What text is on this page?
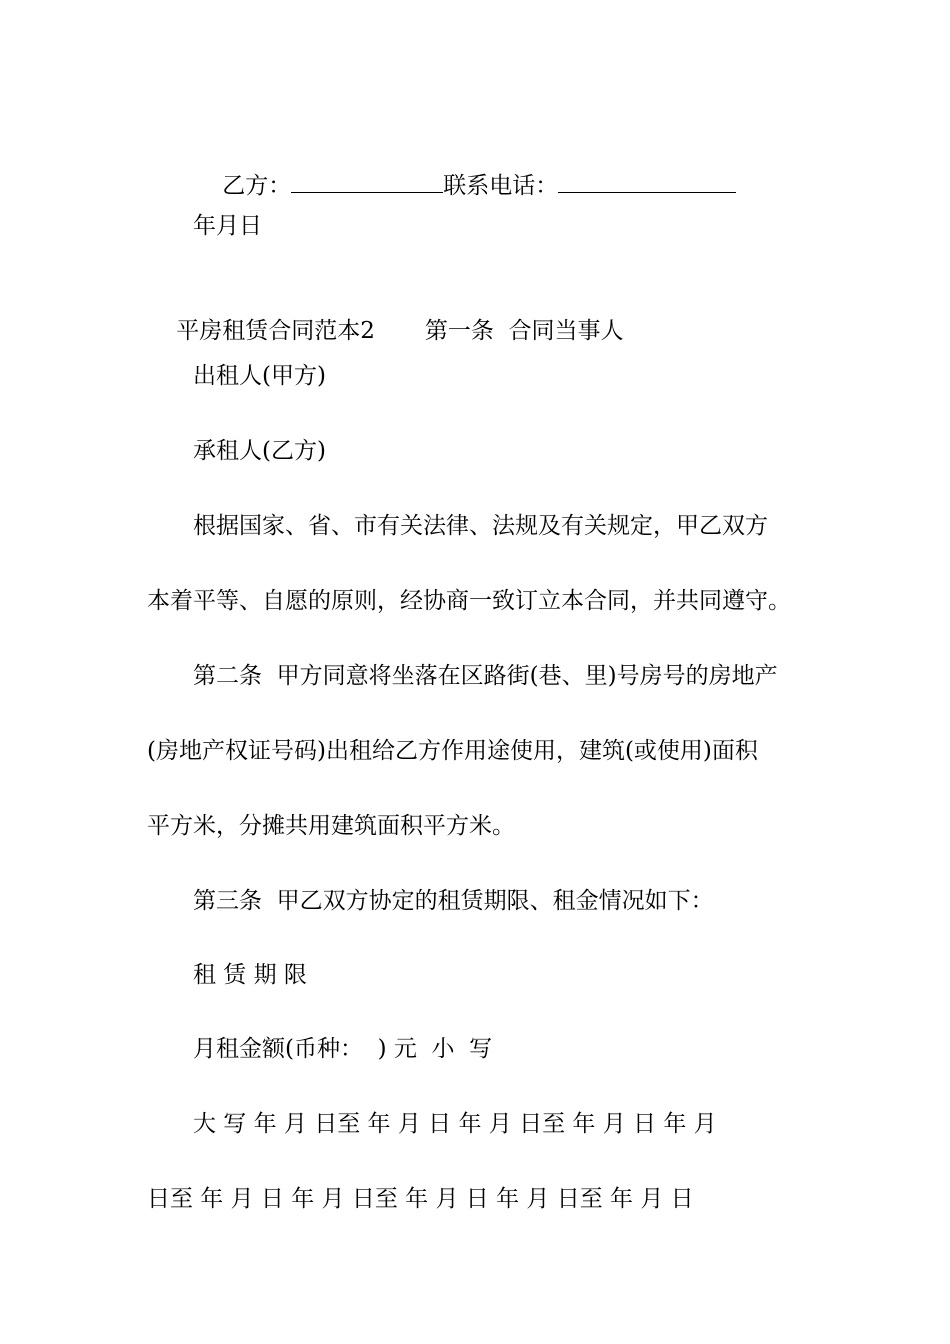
乙方：	联系电话：

年月日

平房租赁合同范本2 第一条  合同当事人

出租人(甲方)
承租人(乙方)
根据国家、省、市有关法律、法规及有关规定，甲乙双方
本着平等、自愿的原则，经协商一致订立本合同，并共同遵守。
第二条  甲方同意将坐落在区路街(巷、里)号房号的房地产
(房地产权证号码)出租给乙方作用途使用，建筑(或使用)面积
平方米，分摊共用建筑面积平方米。
第三条  甲乙双方协定的租赁期限、租金情况如下：
租 赁 期 限
月租金额(币种：  ) 元  小  写
大 写 年 月 日至 年 月 日 年 月 日至 年 月 日 年 月
日至 年 月 日 年 月 日至 年 月 日 年 月 日至 年 月 日
